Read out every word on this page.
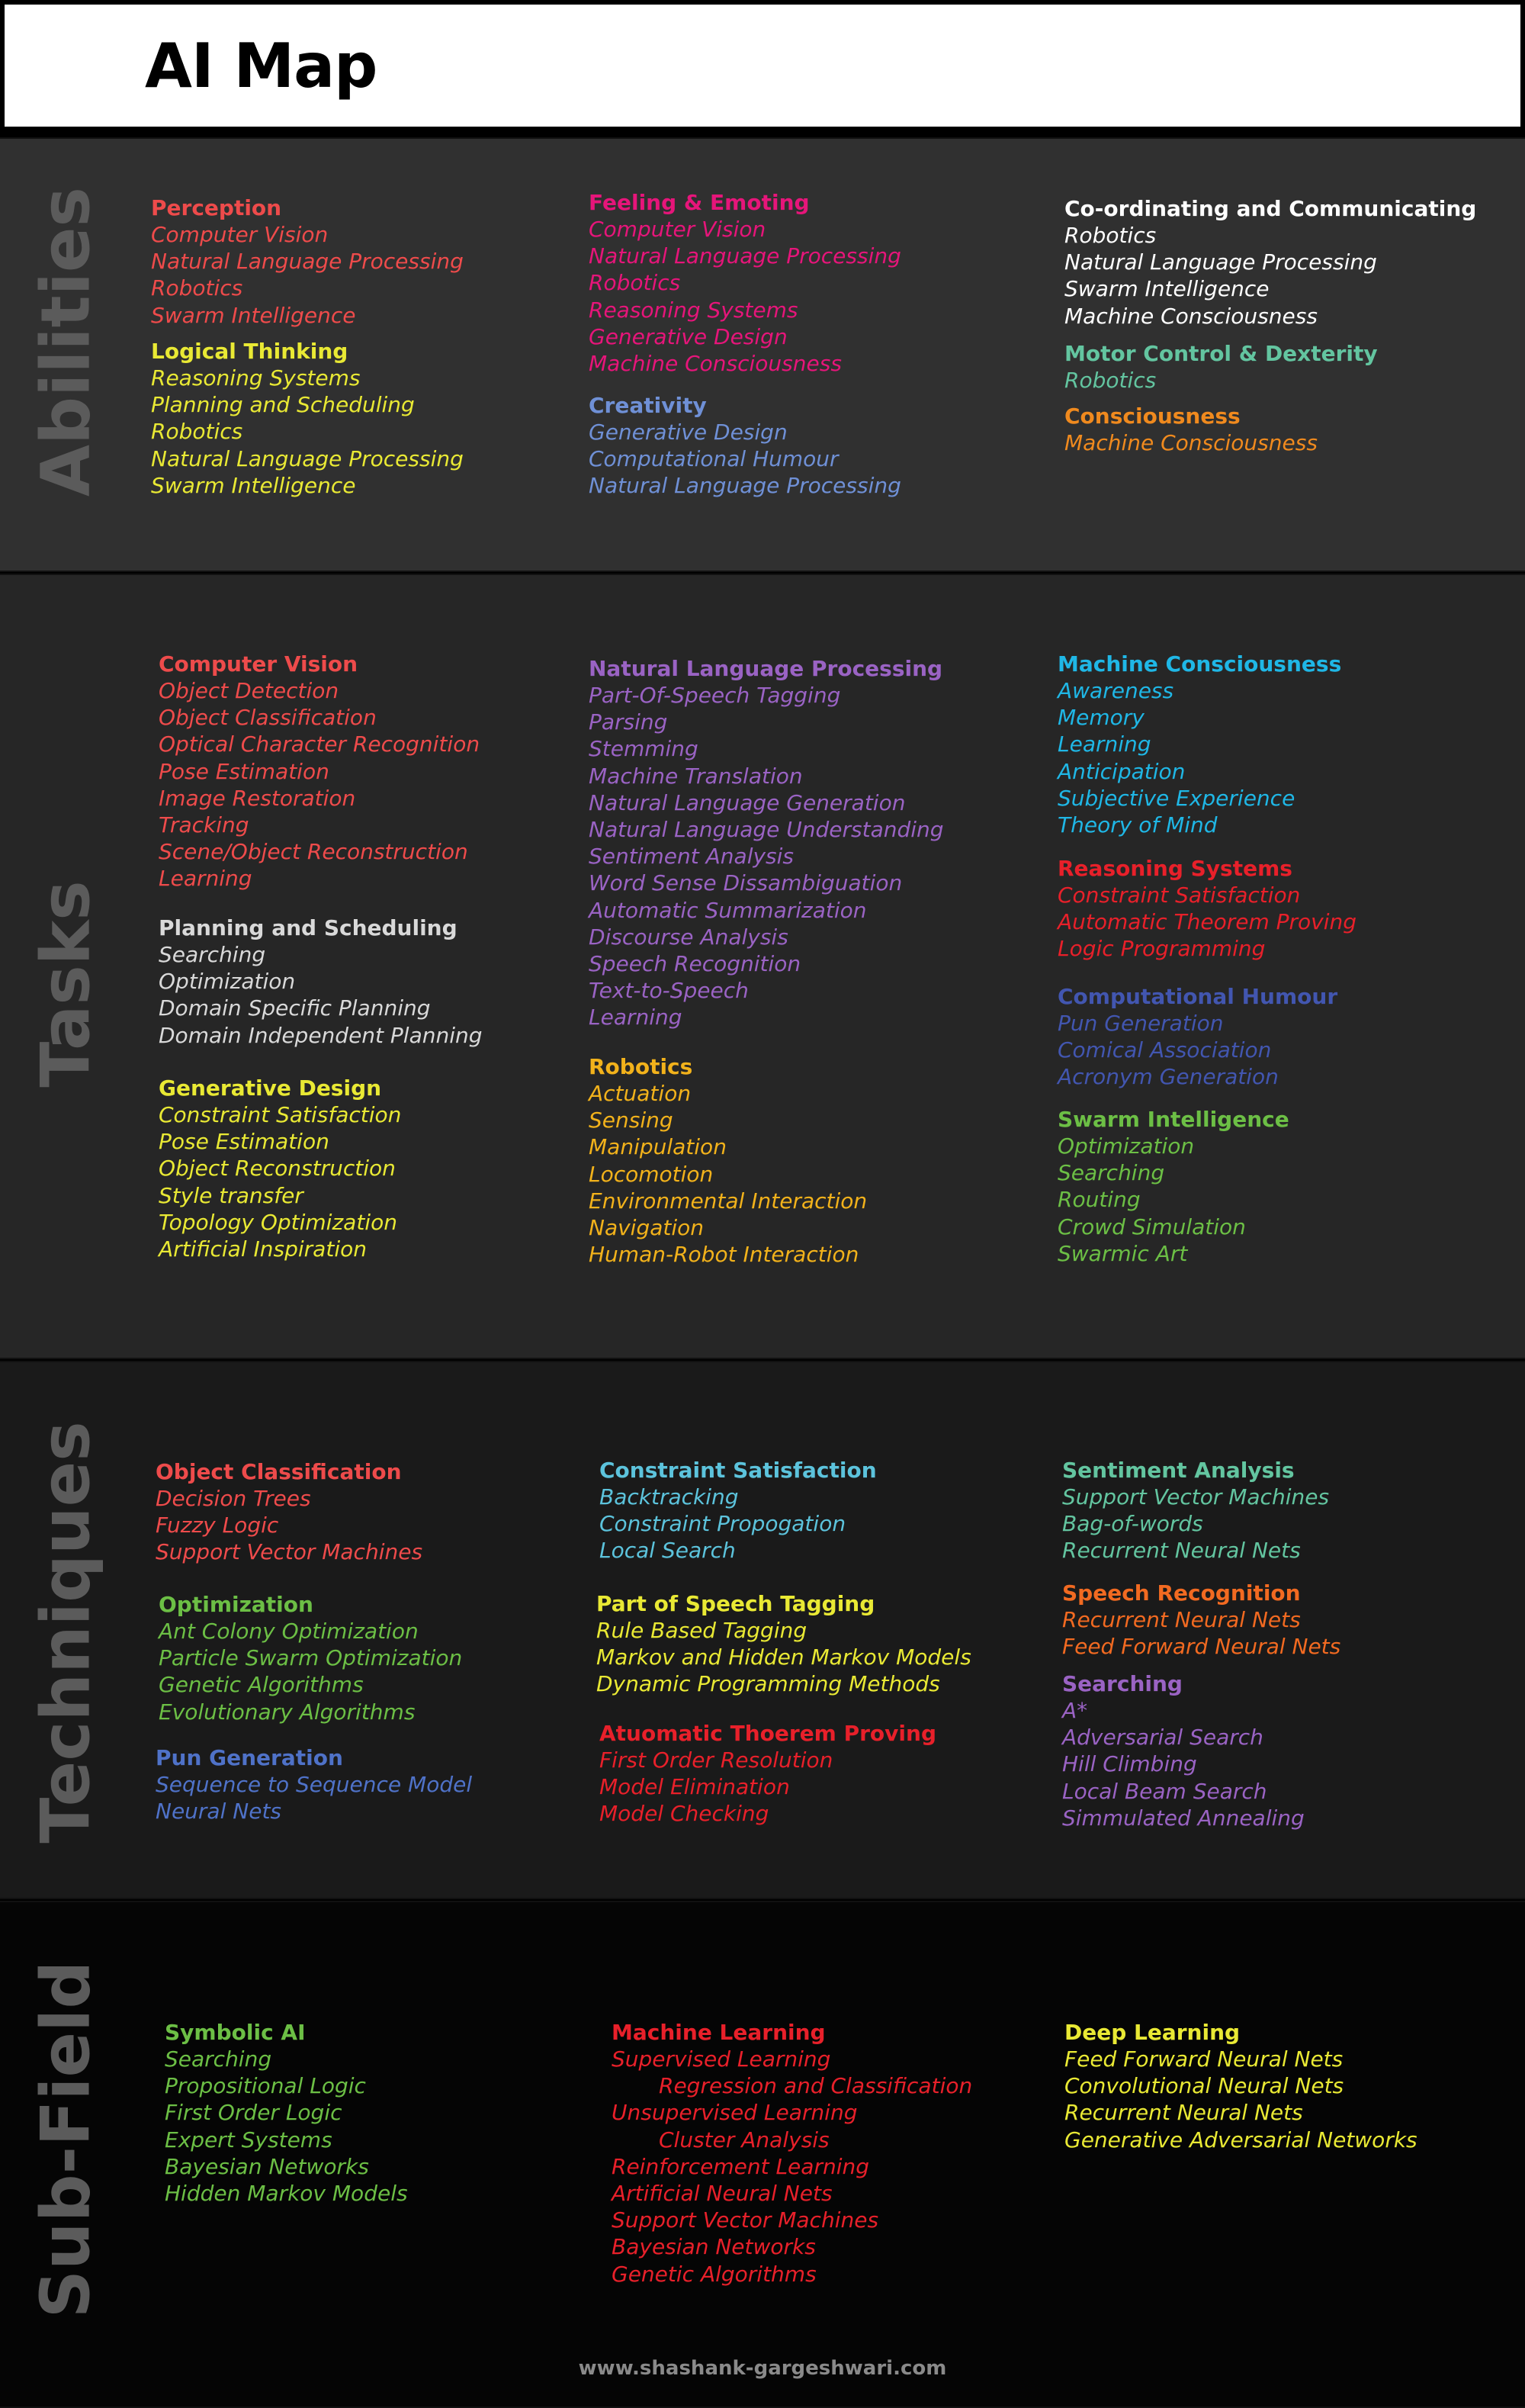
AI Map
www.shashank-gargeshwari.com
Abilities Perception
Computer Vision
Natural Language Processing
Robotics
Swarm Intelligence
Logical Thinking
Reasoning Systems
Planning and Scheduling
Robotics
Natural Language Processing
Swarm Intelligence
Feeling & Emoting
Computer Vision
Natural Language Processing
Robotics
Reasoning Systems
Generative Design
Machine Consciousness
Creativity
Generative Design
Computational Humour
Natural Language Processing
Co-ordinating and Communicating
Robotics
Natural Language Processing
Swarm Intelligence
Machine Consciousness
Motor Control & Dexterity
Robotics
Consciousness
Machine Consciousness
Tasks
Computer Vision
Object Detection
Object Classification
Optical Character Recognition
Pose Estimation
Image Restoration
Tracking
Scene/Object Reconstruction
Learning
Planning and Scheduling
Searching
Optimization
Domain Specific Planning
Domain Independent Planning
Generative Design
Constraint Satisfaction
Pose Estimation
Object Reconstruction
Style transfer
Topology Optimization
Artificial Inspiration
Natural Language Processing
Part-Of-Speech Tagging
Parsing
Stemming
Machine Translation
Natural Language Generation
Natural Language Understanding
Sentiment Analysis
Word Sense Dissambiguation
Automatic Summarization
Discourse Analysis
Speech Recognition
Text-to-Speech
Learning
Robotics
Actuation
Sensing
Manipulation
Locomotion
Environmental Interaction
Navigation
Human-Robot Interaction
Machine Consciousness
Awareness
Memory
Learning
Anticipation
Subjective Experience
Theory of Mind
Reasoning Systems
Constraint Satisfaction
Automatic Theorem Proving
Logic Programming
Computational Humour
Pun Generation
Comical Association
Acronym Generation
Swarm Intelligence
Optimization
Searching
Routing
Crowd Simulation
Swarmic Art
Techniques Object Classification
Decision Trees
Fuzzy Logic
Support Vector Machines
Optimization
Ant Colony Optimization
Particle Swarm Optimization
Genetic Algorithms
Evolutionary Algorithms
Pun Generation
Sequence to Sequence Model
Neural Nets
Constraint Satisfaction
Backtracking
Constraint Propogation
Local Search
Part of Speech Tagging
Rule Based Tagging
Markov and Hidden Markov Models
Dynamic Programming Methods
Atuomatic Thoerem Proving
First Order Resolution
Model Elimination
Model Checking
Sentiment Analysis
Support Vector Machines
Bag-of-words
Recurrent Neural Nets
Speech Recognition
Recurrent Neural Nets
Feed Forward Neural Nets
Searching
A*
Adversarial Search
Hill Climbing
Local Beam Search
Simmulated Annealing
Sub-Field	Symbolic AI
Searching
Propositional Logic
First Order Logic
Expert Systems
Bayesian Networks
Hidden Markov Models
Machine Learning
Supervised Learning
Regression and Classification
Unsupervised Learning
Cluster Analysis
Reinforcement Learning
Artificial Neural Nets
Support Vector Machines
Bayesian Networks
Genetic Algorithms
Deep Learning
Feed Forward Neural Nets
Convolutional Neural Nets
Recurrent Neural Nets
Generative Adversarial Networks
